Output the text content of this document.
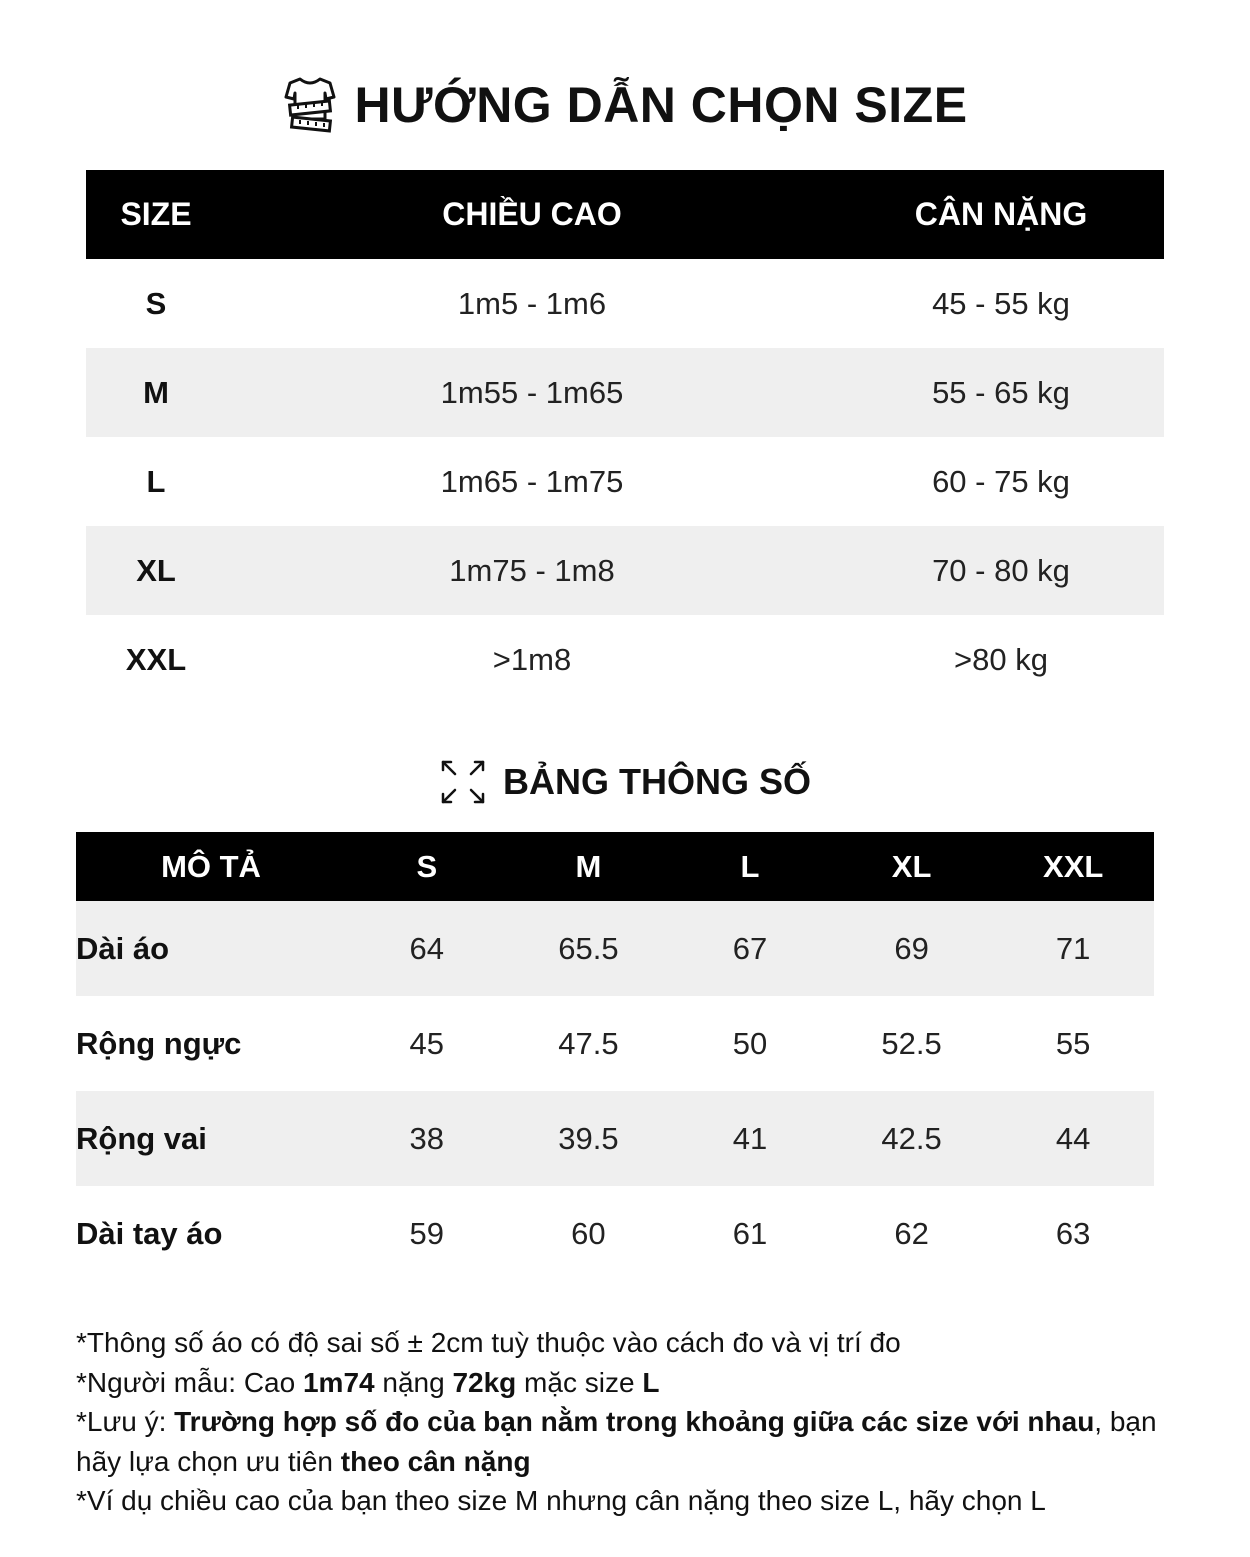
HƯỚNG DẪN CHỌN SIZE
SIZE	CHIỀU CAO	CÂN NẶNG
S	1m5 - 1m6	45 - 55 kg
M	1m55 - 1m65	55 - 65 kg
L	1m65 - 1m75	60 - 75 kg
XL	1m75 - 1m8	70 - 80 kg
XXL	>1m8	>80 kg
BẢNG THÔNG SỐ
MÔ TẢ	S	M	L	XL	XXL
Dài áo	64	65.5	67	69	71
Rộng ngực	45	47.5	50	52.5	55
Rộng vai	38	39.5	41	42.5	44
Dài tay áo	59	60	61	62	63

*Thông số áo có độ sai số ± 2cm tuỳ thuộc vào cách đo và vị trí đo

*Người mẫu: Cao 1m74 nặng 72kg mặc size L

*Lưu ý: Trường hợp số đo của bạn nằm trong khoảng giữa các size với nhau, bạn hãy lựa chọn ưu tiên theo cân nặng

*Ví dụ chiều cao của bạn theo size M nhưng cân nặng theo size L, hãy chọn L
